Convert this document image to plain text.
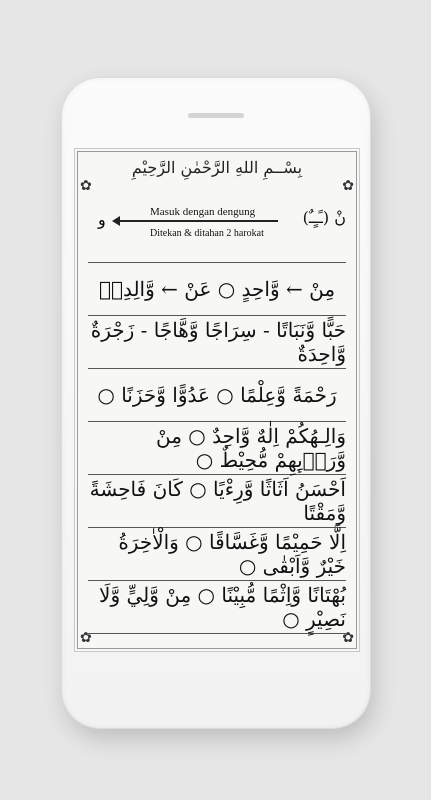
✿	✿
✿	✿
بِسْــمِ اللهِ الرَّحْمٰنِ الرَّحِيْمِ
و	Masuk dengan dengung
Ditekan & ditahan 2 harokat
نْ (ـًـٍـٌ)
مِنْ ← وَّاحِدٍ ○ عَنْ ← وَّالِدِهٖ
حَبًّا وَّنَبَاتًا - سِرَاجًا وَّهَّاجًا - زَجْرَةٌ وَّاحِدَةٌ
رَحْمَةً وَّعِلْمًا ○ عَدُوًّا وَّحَزَنًا ○
وَالِـهُكُمْ اِلٰهٌ وَّاحِدٌ ○ مِنْ وَّرَاۤىِٕهِمْ مُّحِيْطٌ ○
اَحْسَنُ اَثَاثًا وَّرِءْيًا ○ كَانَ فَاحِشَةً وَّمَقْتًا
اِلَّا حَمِيْمًا وَّغَسَّاقًا ○ وَالْاٰخِرَةُ خَيْرٌ وَّاَبْقٰى ○
بُهْتَانًا وَّاِثْمًا مُّبِيْنًا ○ مِنْ وَّلِيٍّ وَّلَا نَصِيْرٍ ○
